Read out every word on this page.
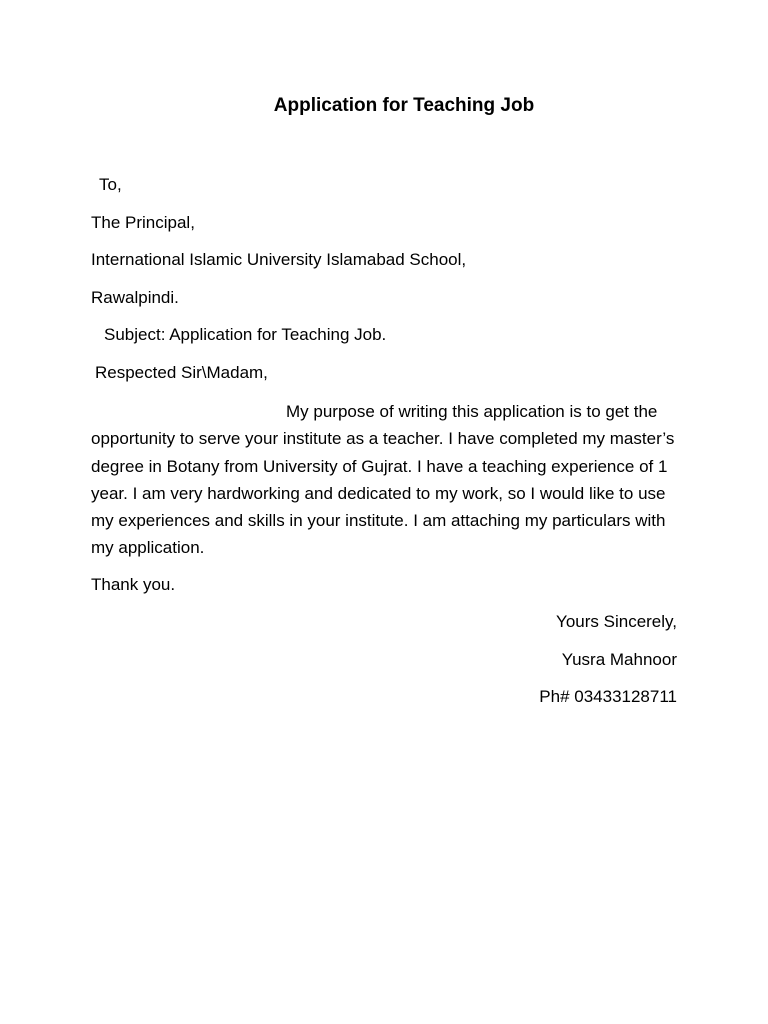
Application for Teaching Job
To,
The Principal,
International Islamic University Islamabad School,
Rawalpindi.
Subject: Application for Teaching Job.
Respected Sir\Madam,
My purpose of writing this application is to get the opportunity to serve your institute as a teacher. I have completed my master’s degree in Botany from University of Gujrat. I have a teaching experience of 1 year. I am very hardworking and dedicated to my work, so I would like to use my experiences and skills in your institute. I am attaching my particulars with my application.
Thank you.
Yours Sincerely,
Yusra Mahnoor
Ph# 03433128711
